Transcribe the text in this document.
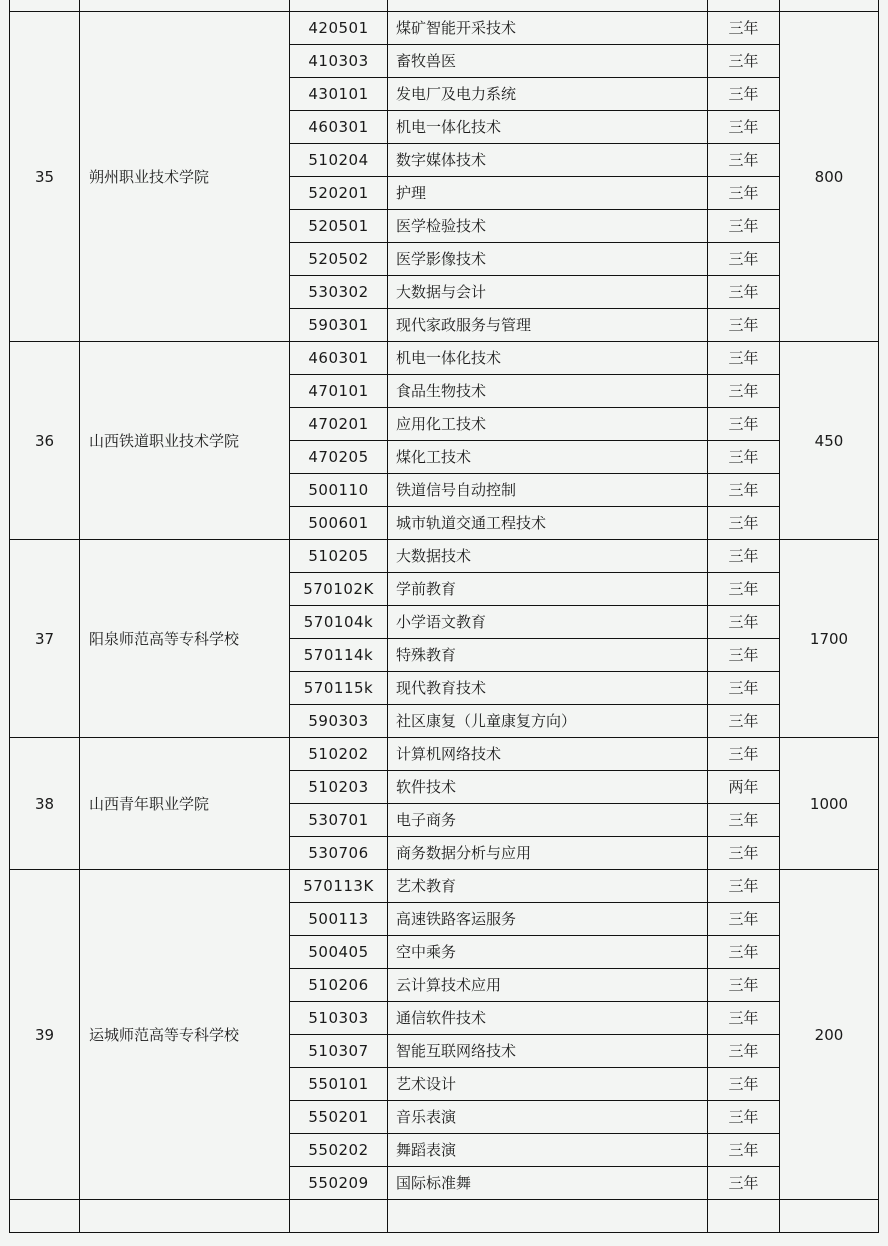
35	朔州职业技术学院	420501	煤矿智能开采技术	三年	800
		410303	畜牧兽医	三年	
		430101	发电厂及电力系统	三年	
		460301	机电一体化技术	三年	
		510204	数字媒体技术	三年	
		520201	护理	三年	
		520501	医学检验技术	三年	
		520502	医学影像技术	三年	
		530302	大数据与会计	三年	
		590301	现代家政服务与管理	三年	
36	山西铁道职业技术学院	460301	机电一体化技术	三年	450
		470101	食品生物技术	三年	
		470201	应用化工技术	三年	
		470205	煤化工技术	三年	
		500110	铁道信号自动控制	三年	
		500601	城市轨道交通工程技术	三年	
37	阳泉师范高等专科学校	510205	大数据技术	三年	1700
		570102K	学前教育	三年	
		570104k	小学语文教育	三年	
		570114k	特殊教育	三年	
		570115k	现代教育技术	三年	
		590303	社区康复（儿童康复方向）	三年	
38	山西青年职业学院	510202	计算机网络技术	三年	1000
		510203	软件技术	两年	
		530701	电子商务	三年	
		530706	商务数据分析与应用	三年	
39	运城师范高等专科学校	570113K	艺术教育	三年	200
		500113	高速铁路客运服务	三年	
		500405	空中乘务	三年	
		510206	云计算技术应用	三年	
		510303	通信软件技术	三年	
		510307	智能互联网络技术	三年	
		550101	艺术设计	三年	
		550201	音乐表演	三年	
		550202	舞蹈表演	三年	
		550209	国际标准舞	三年	
